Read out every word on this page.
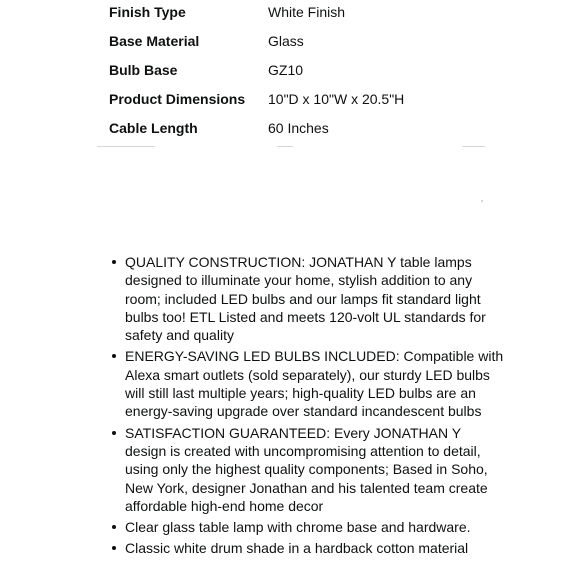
Finish Type	White Finish
Base Material	Glass
Bulb Base	GZ10
Product Dimensions 10"D x 10"W x 20.5"H
Cable Length	60 Inches
QUALITY CONSTRUCTION: JONATHAN Y table lamps designed to illuminate your home, stylish addition to any room; included LED bulbs and our lamps fit standard light bulbs too! ETL Listed and meets 120-volt UL standards for safety and quality
ENERGY-SAVING LED BULBS INCLUDED: Compatible with Alexa smart outlets (sold separately), our sturdy LED bulbs will still last multiple years; high-quality LED bulbs are an energy-saving upgrade over standard incandescent bulbs
SATISFACTION GUARANTEED: Every JONATHAN Y design is created with uncompromising attention to detail, using only the highest quality components; Based in Soho, New York, designer Jonathan and his talented team create affordable high-end home decor
Clear glass table lamp with chrome base and hardware.
Classic white drum shade in a hardback cotton material
